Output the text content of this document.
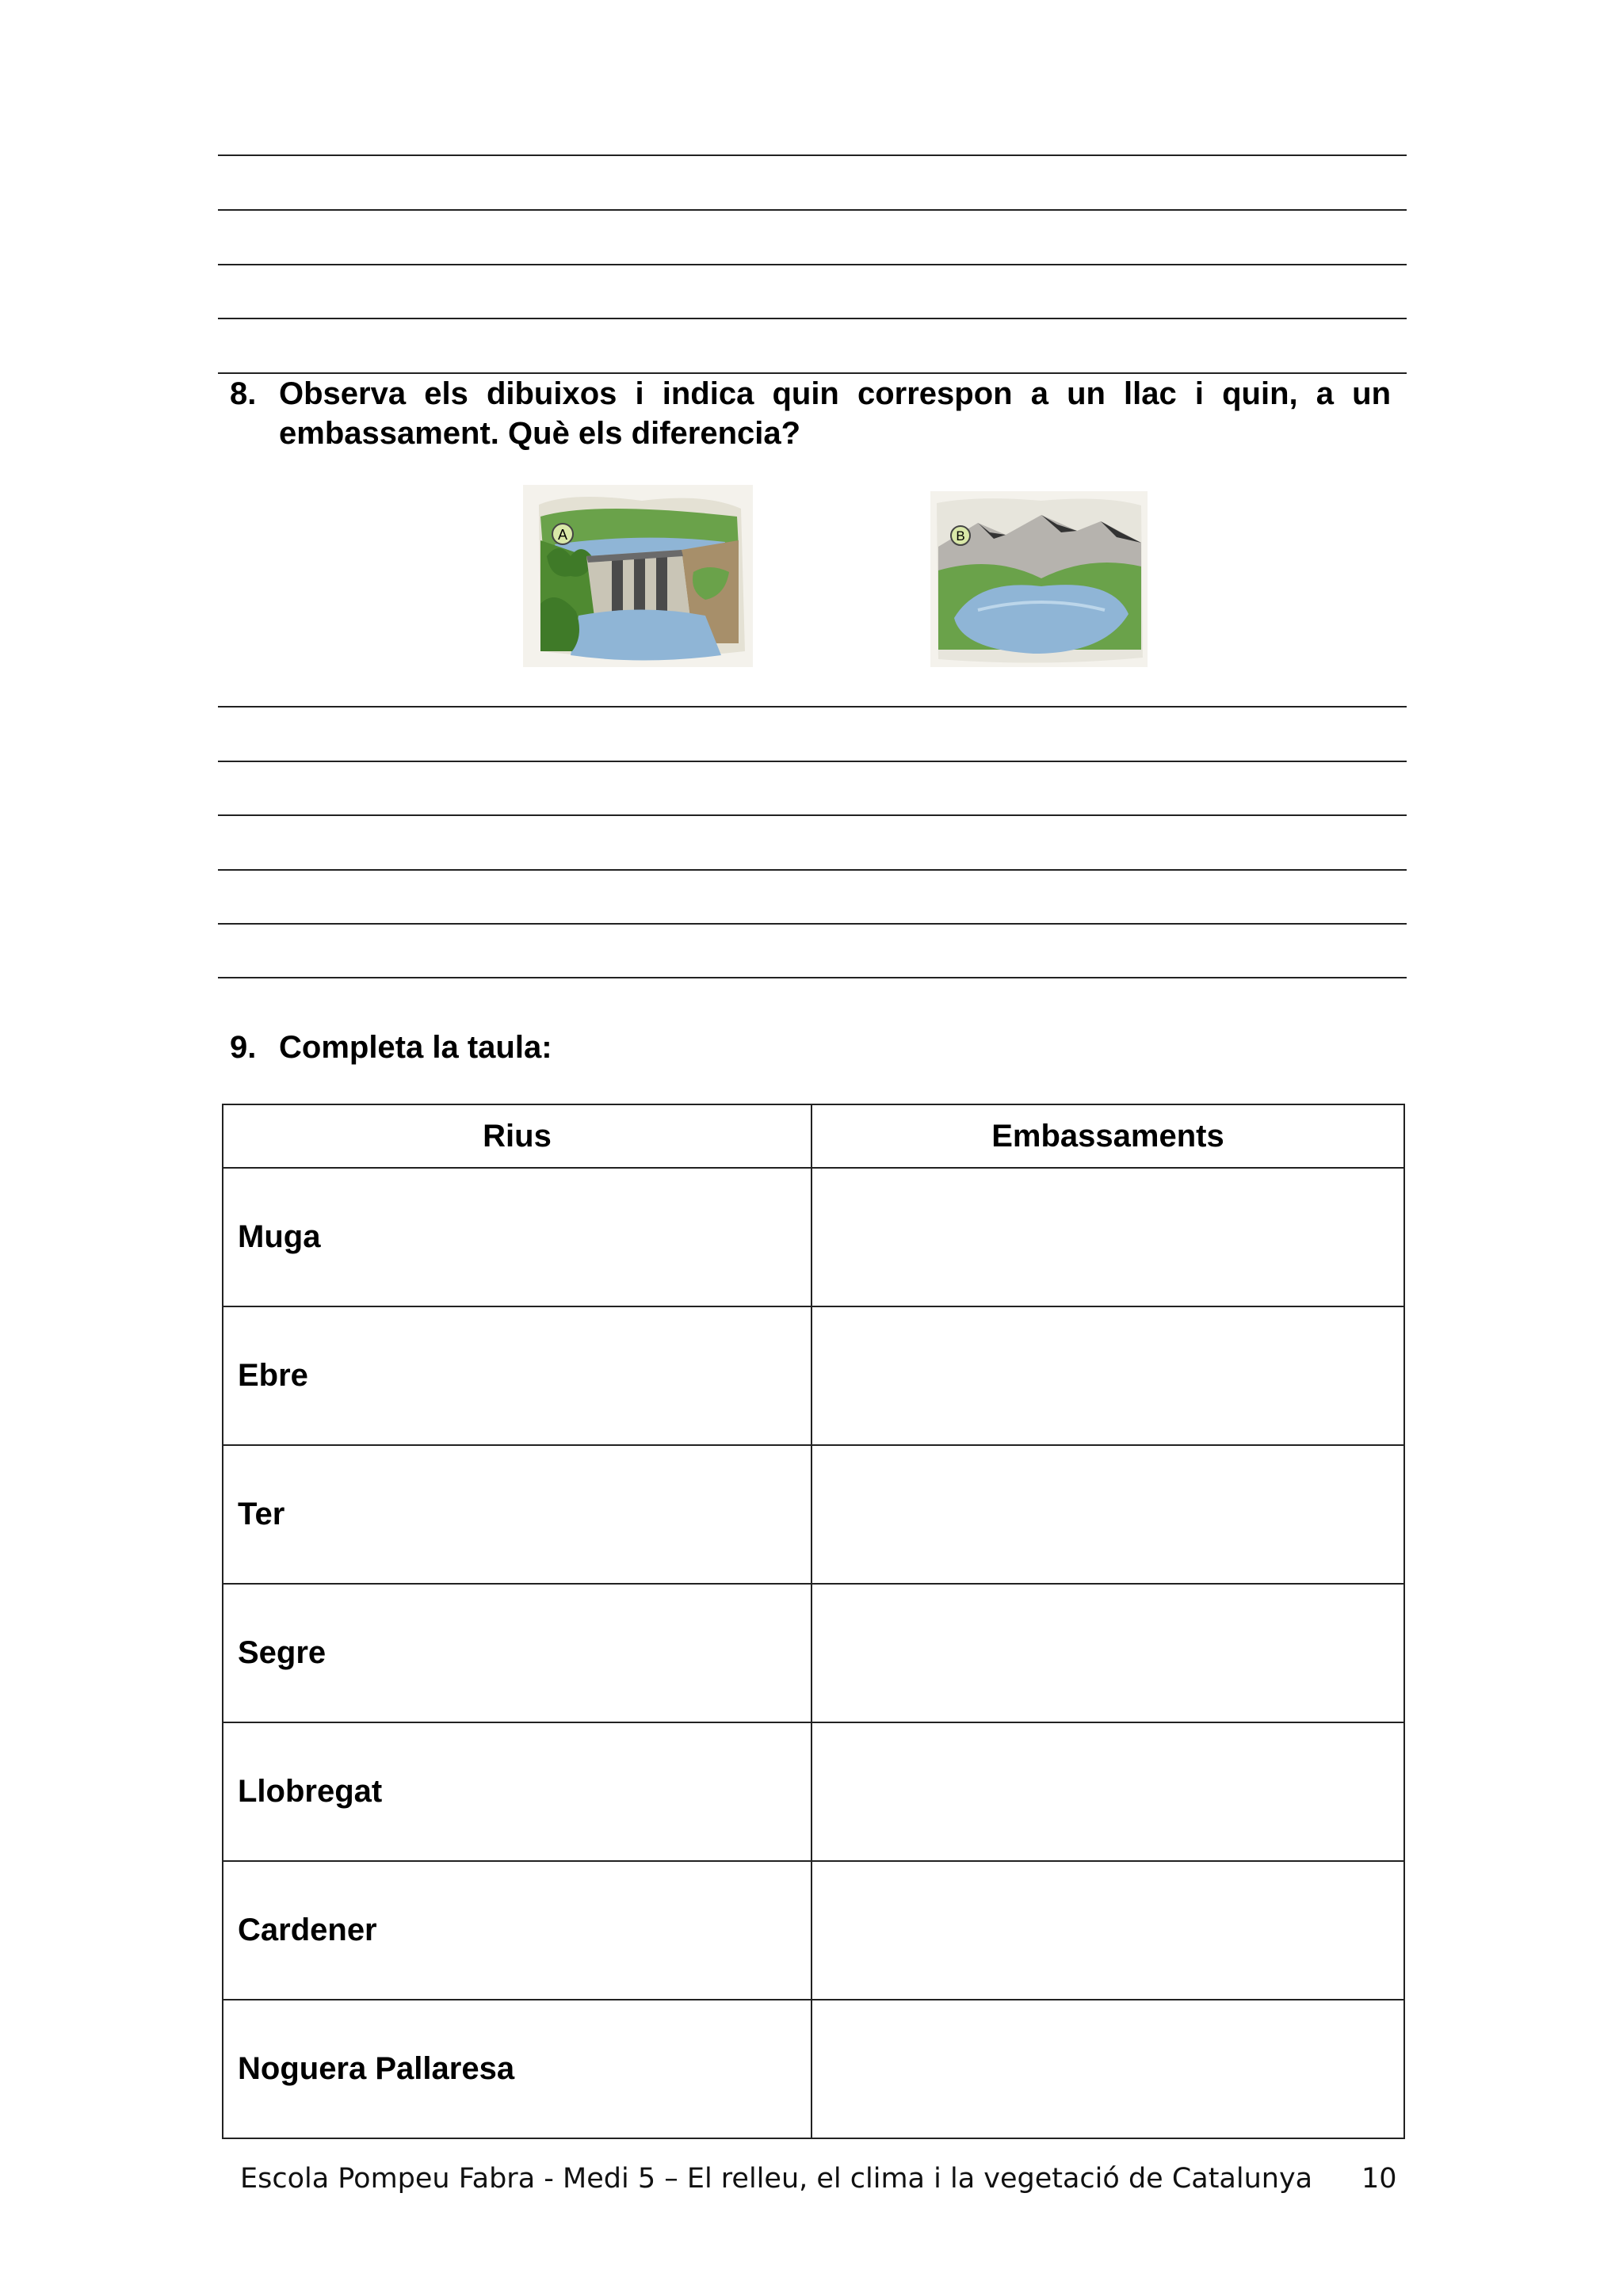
8. Observa els dibuixos i indica quin correspon a un llac i quin, a un embassament. Què els diferencia?
A	B
9. Completa la taula:
Rius	Embassaments
Muga	
Ebre	
Ter	
Segre	
Llobregat	
Cardener	
Noguera Pallaresa	
Escola Pompeu Fabra - Medi 5 – El relleu, el clima i la vegetació de Catalunya 10
